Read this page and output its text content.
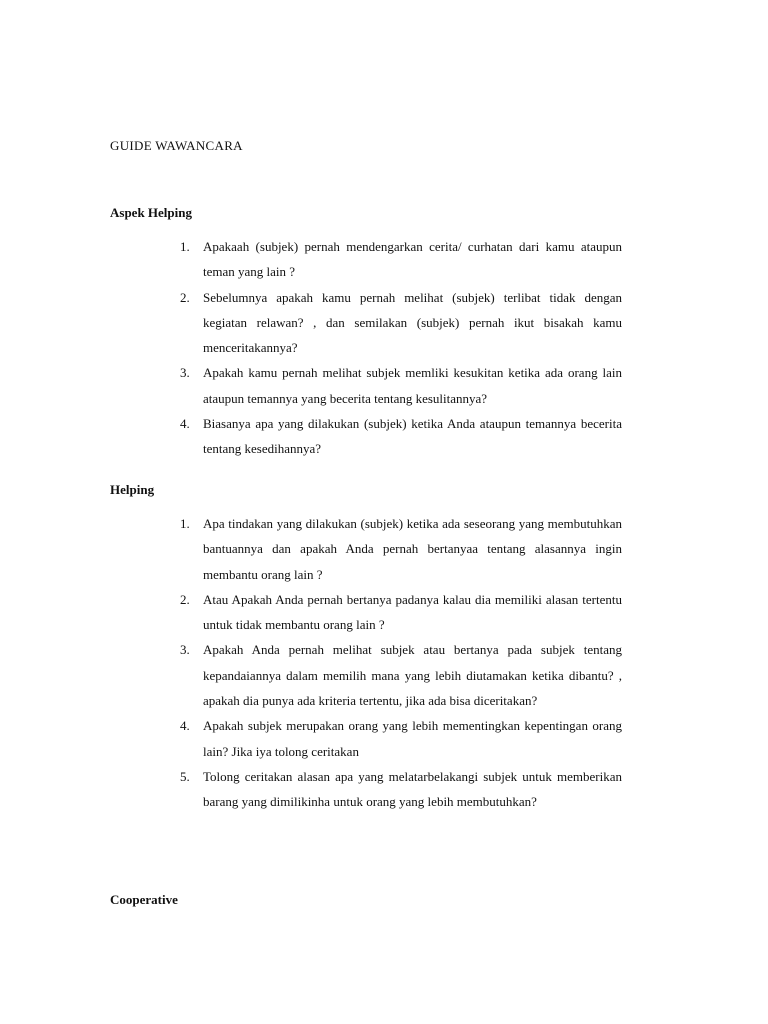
GUIDE WAWANCARA
Aspek Helping
1. Apakaah (subjek) pernah mendengarkan cerita/ curhatan dari kamu ataupun teman yang lain ?
2. Sebelumnya apakah kamu pernah melihat (subjek) terlibat tidak dengan kegiatan relawan? , dan semilakan (subjek) pernah ikut bisakah kamu menceritakannya?
3. Apakah kamu pernah melihat subjek memliki kesukitan ketika ada orang lain ataupun temannya yang becerita tentang kesulitannya?
4. Biasanya apa yang dilakukan (subjek) ketika Anda ataupun temannya becerita tentang kesedihannya?
Helping
1. Apa tindakan yang dilakukan (subjek) ketika ada seseorang yang membutuhkan bantuannya dan apakah Anda pernah bertanyaa tentang alasannya ingin membantu orang lain ?
2. Atau Apakah Anda pernah bertanya padanya kalau dia memiliki alasan tertentu untuk tidak membantu orang lain ?
3. Apakah Anda pernah melihat subjek atau bertanya pada subjek tentang kepandaiannya dalam memilih mana yang lebih diutamakan ketika dibantu? , apakah dia punya ada kriteria tertentu, jika ada bisa diceritakan?
4. Apakah subjek merupakan orang yang lebih mementingkan kepentingan orang lain? Jika iya tolong ceritakan
5. Tolong ceritakan alasan apa yang melatarbelakangi subjek untuk memberikan barang yang dimilikinha untuk orang yang lebih membutuhkan?
Cooperative
